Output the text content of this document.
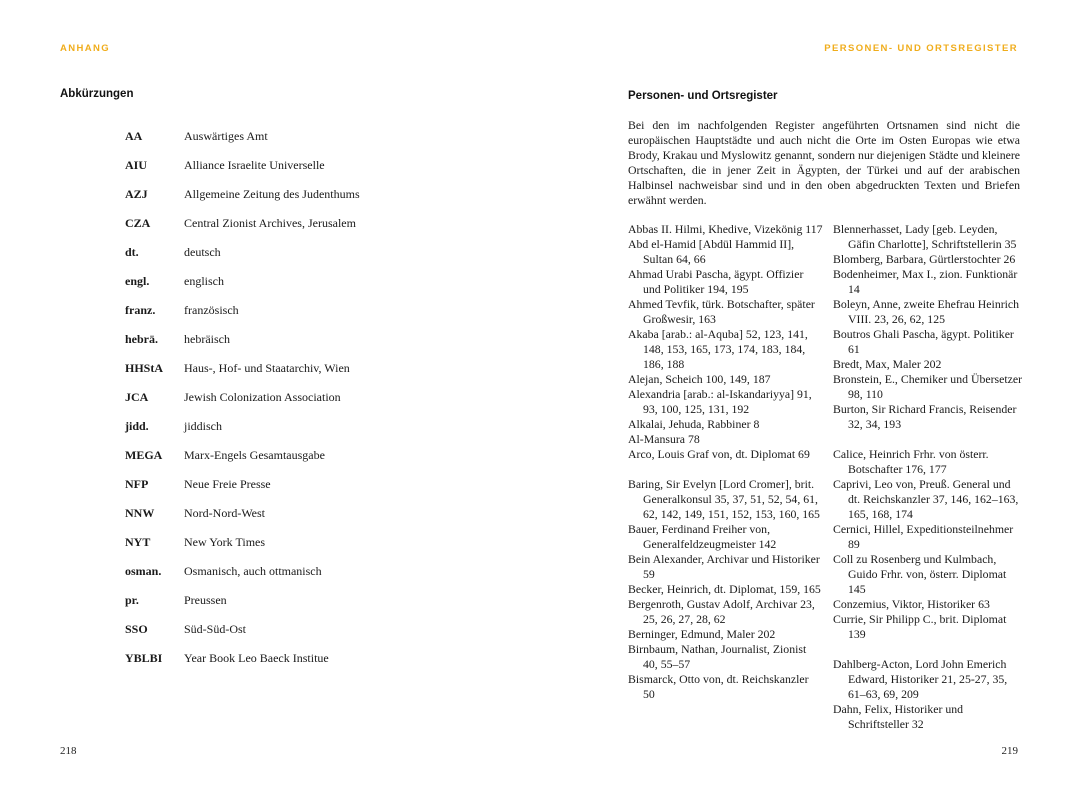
ANHANG
Abkürzungen
AA	Auswärtiges Amt
AIU	Alliance Israelite Universelle
AZJ	Allgemeine Zeitung des Judenthums
CZA	Central Zionist Archives, Jerusalem
dt.	deutsch
engl.	englisch
franz.	französisch
hebrä.	hebräisch
HHStA	Haus-, Hof- und Staatarchiv, Wien
JCA	Jewish Colonization Association
jidd.	jiddisch
MEGA	Marx-Engels Gesamtausgabe
NFP	Neue Freie Presse
NNW	Nord-Nord-West
NYT	New York Times
osman.	Osmanisch, auch ottmanisch
pr.	Preussen
SSO	Süd-Süd-Ost
YBLBI	Year Book Leo Baeck Institue
218
PERSONEN- UND ORTSREGISTER
Personen- und Ortsregister

Bei den im nachfolgenden Register angeführten Ortsnamen sind nicht die europäischen Hauptstädte und auch nicht die Orte im Osten Europas wie etwa Brody, Krakau und Myslowitz genannt, sondern nur diejenigen Städte und kleinere Ortschaften, die in jener Zeit in Ägypten, der Türkei und auf der arabischen Halbinsel nachweisbar sind und in den oben abgedruckten Texten und Briefen erwähnt werden.

Abbas II. Hilmi, Khedive, Vizekönig 117
Abd el-Hamid [Abdül Hammid II], Sultan 64, 66
Ahmad Urabi Pascha, ägypt. Offizier und Politiker 194, 195
Ahmed Tevfik, türk. Botschafter, später Großwesir, 163
Akaba [arab.: al-Aquba] 52, 123, 141, 148, 153, 165, 173, 174, 183, 184, 186, 188
Alejan, Scheich 100, 149, 187
Alexandria [arab.: al-Iskandariyya] 91, 93, 100, 125, 131, 192
Alkalai, Jehuda, Rabbiner 8
Al-Mansura 78
Arco, Louis Graf von, dt. Diplomat 69
Baring, Sir Evelyn [Lord Cromer], brit. Generalkonsul 35, 37, 51, 52, 54, 61, 62, 142, 149, 151, 152, 153, 160, 165
Bauer, Ferdinand Freiher von, Generalfeldzeugmeister 142
Bein Alexander, Archivar und Historiker 59
Becker, Heinrich, dt. Diplomat, 159, 165
Bergenroth, Gustav Adolf, Archivar 23, 25, 26, 27, 28, 62
Berninger, Edmund, Maler 202
Birnbaum, Nathan, Journalist, Zionist 40, 55–57
Bismarck, Otto von, dt. Reichskanzler 50
Blennerhasset, Lady [geb. Leyden, Gäfin Charlotte], Schriftstellerin 35
Blomberg, Barbara, Gürtlerstochter 26
Bodenheimer, Max I., zion. Funktionär 14
Boleyn, Anne, zweite Ehefrau Heinrich VIII. 23, 26, 62, 125
Boutros Ghali Pascha, ägypt. Politiker 61
Bredt, Max, Maler 202
Bronstein, E., Chemiker und Übersetzer 98, 110
Burton, Sir Richard Francis, Reisender 32, 34, 193
Calice, Heinrich Frhr. von österr. Botschafter 176, 177
Caprivi, Leo von, Preuß. General und dt. Reichskanzler 37, 146, 162–163, 165, 168, 174
Cernici, Hillel, Expeditionsteilnehmer 89
Coll zu Rosenberg und Kulmbach, Guido Frhr. von, österr. Diplomat 145
Conzemius, Viktor, Historiker 63
Currie, Sir Philipp C., brit. Diplomat 139
Dahlberg-Acton, Lord John Emerich Edward, Historiker 21, 25-27, 35, 61–63, 69, 209
Dahn, Felix, Historiker und Schriftsteller 32
219
